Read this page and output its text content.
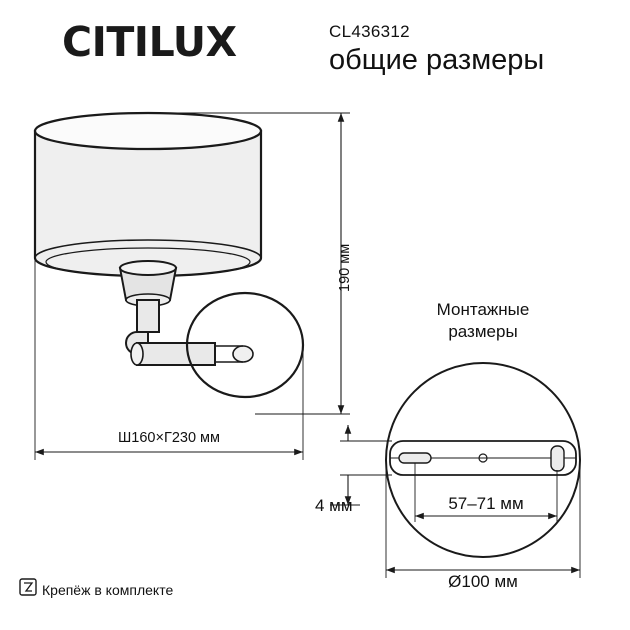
CITILUX	CL436312
общие размеры
Монтажные
размеры
190 мм
Ш160×Г230 мм
57–71 мм
4 мм
Ø100 мм
Крепёж в комплекте
